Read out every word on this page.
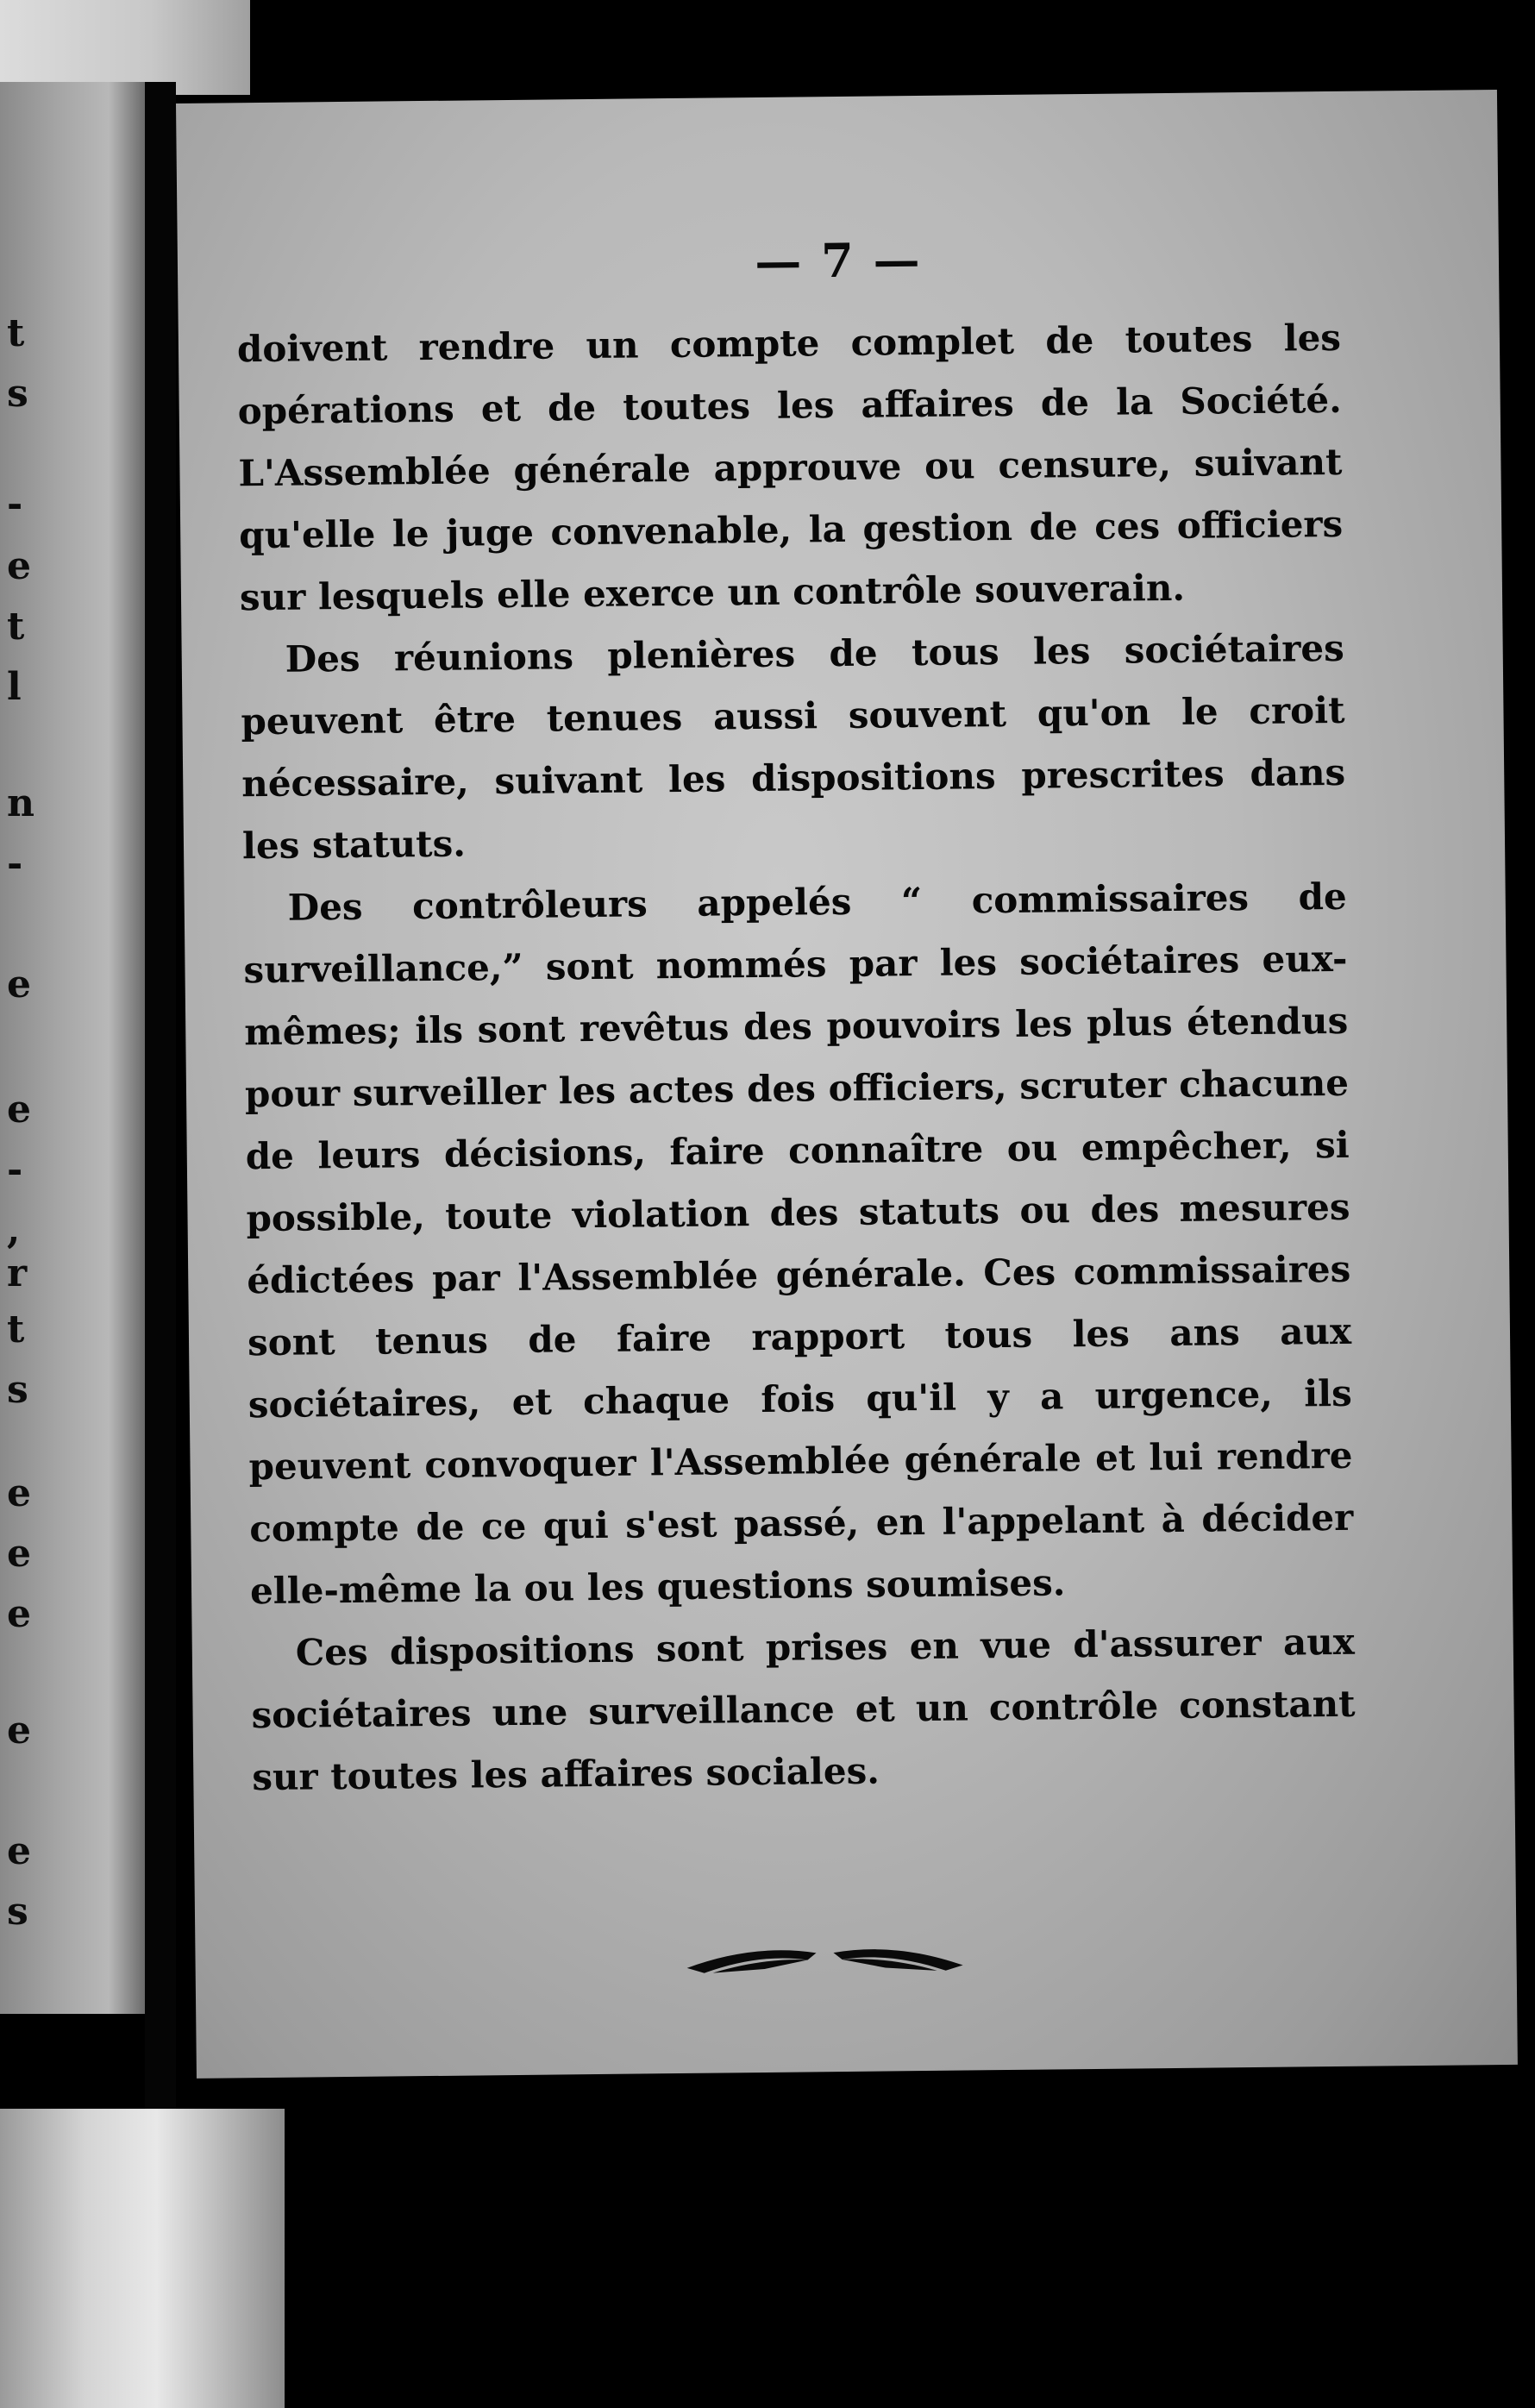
t
s
-
e
t
l
n
-
e
e
-
,
r
t
s
e
e
e
e
e
s
— 7 —

doivent rendre un compte complet de toutes les opérations et de toutes les affaires de la Société. L'Assemblée générale approuve ou censure, suivant qu'elle le juge convenable, la gestion de ces officiers sur lesquels elle exerce un contrôle souverain.

Des réunions plenières de tous les sociétaires peuvent être tenues aussi souvent qu'on le croit nécessaire, suivant les dispositions prescrites dans les statuts.

Des contrôleurs appelés “ commissaires de surveillance,” sont nommés par les sociétaires eux-mêmes; ils sont revêtus des pouvoirs les plus étendus pour surveiller les actes des officiers, scruter chacune de leurs décisions, faire connaître ou empêcher, si possible, toute violation des statuts ou des mesures édictées par l'Assemblée générale. Ces commissaires sont tenus de faire rapport tous les ans aux sociétaires, et chaque fois qu'il y a urgence, ils peuvent convoquer l'Assemblée générale et lui rendre compte de ce qui s'est passé, en l'appelant à décider elle-même la ou les questions soumises.

Ces dispositions sont prises en vue d'assurer aux sociétaires une surveillance et un contrôle constant sur toutes les affaires sociales.
